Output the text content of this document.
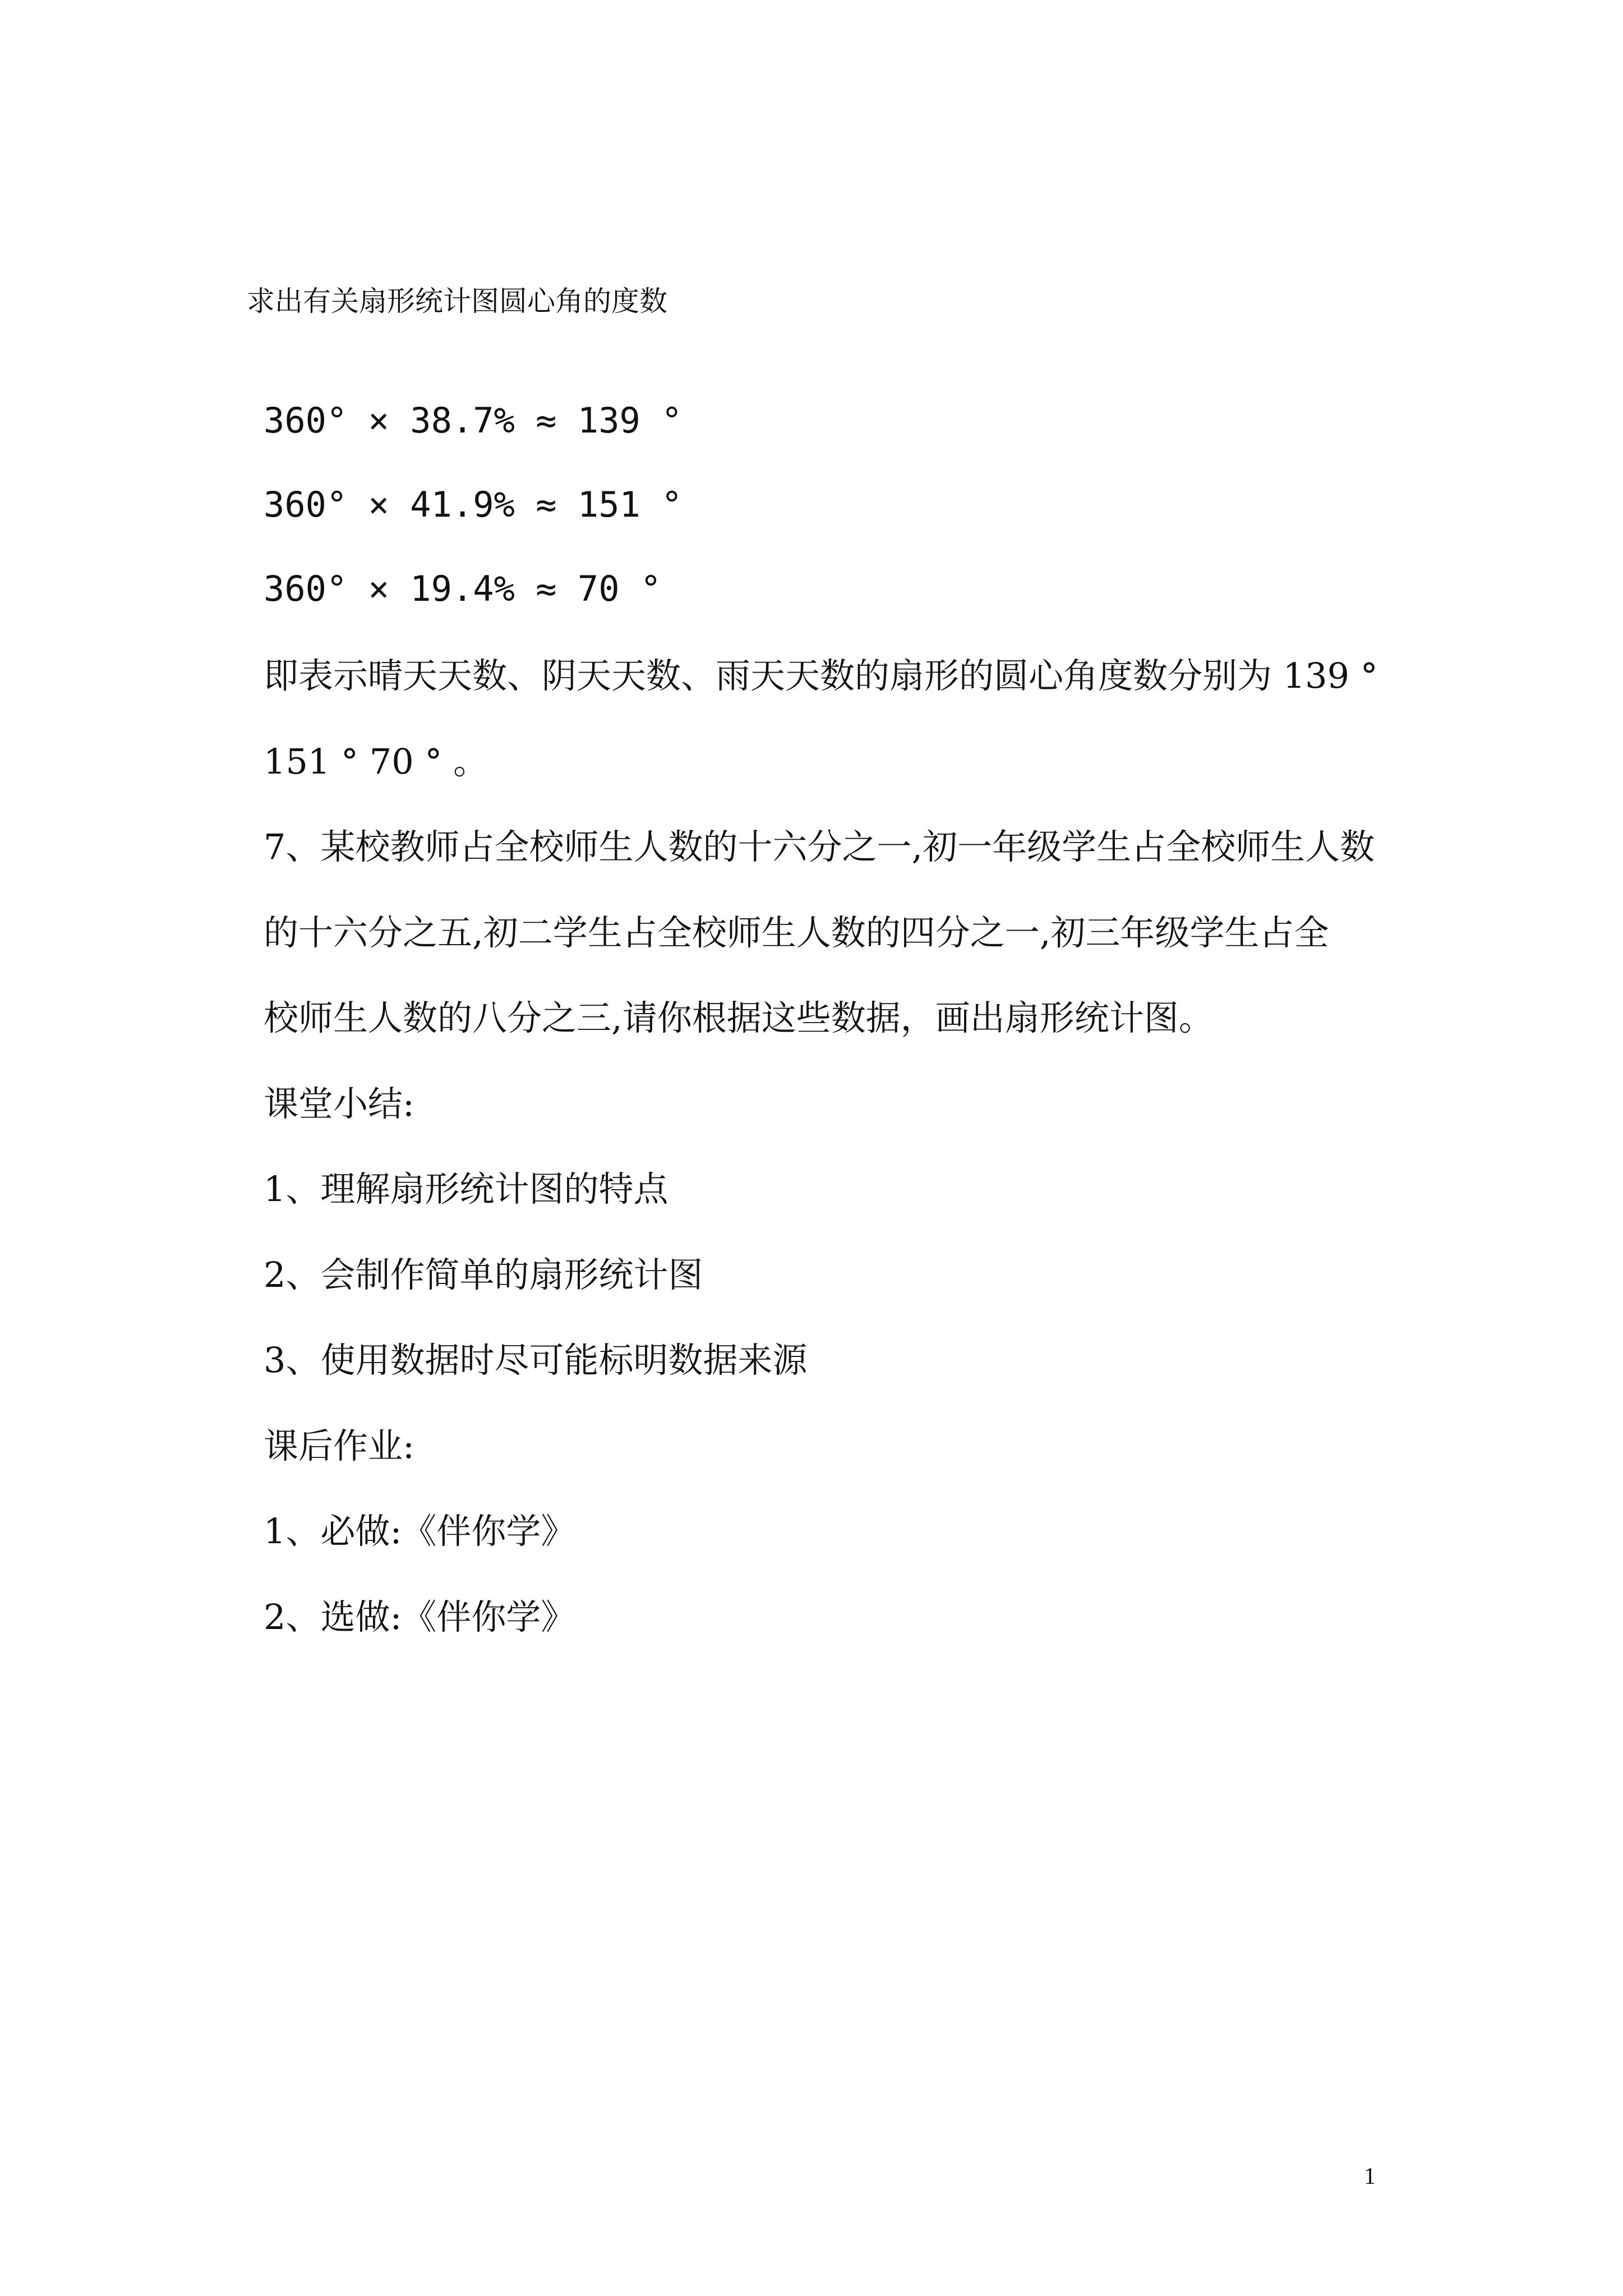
求出有关扇形统计图圆心角的度数

360° × 38.7% ≈ 139 °

360° × 41.9% ≈ 151 °

360° × 19.4% ≈ 70 °

即表示晴天天数、阴天天数、雨天天数的扇形的圆心角度数分别为 139 °

151 ° 70 ° 。

7、某校教师占全校师生人数的十六分之一,初一年级学生占全校师生人数

的十六分之五,初二学生占全校师生人数的四分之一,初三年级学生占全

校师生人数的八分之三,请你根据这些数据，画出扇形统计图。

课堂小结:

1、理解扇形统计图的特点

2、会制作简单的扇形统计图

3、使用数据时尽可能标明数据来源

课后作业:

1、必做:《伴你学》

2、选做:《伴你学》

1
